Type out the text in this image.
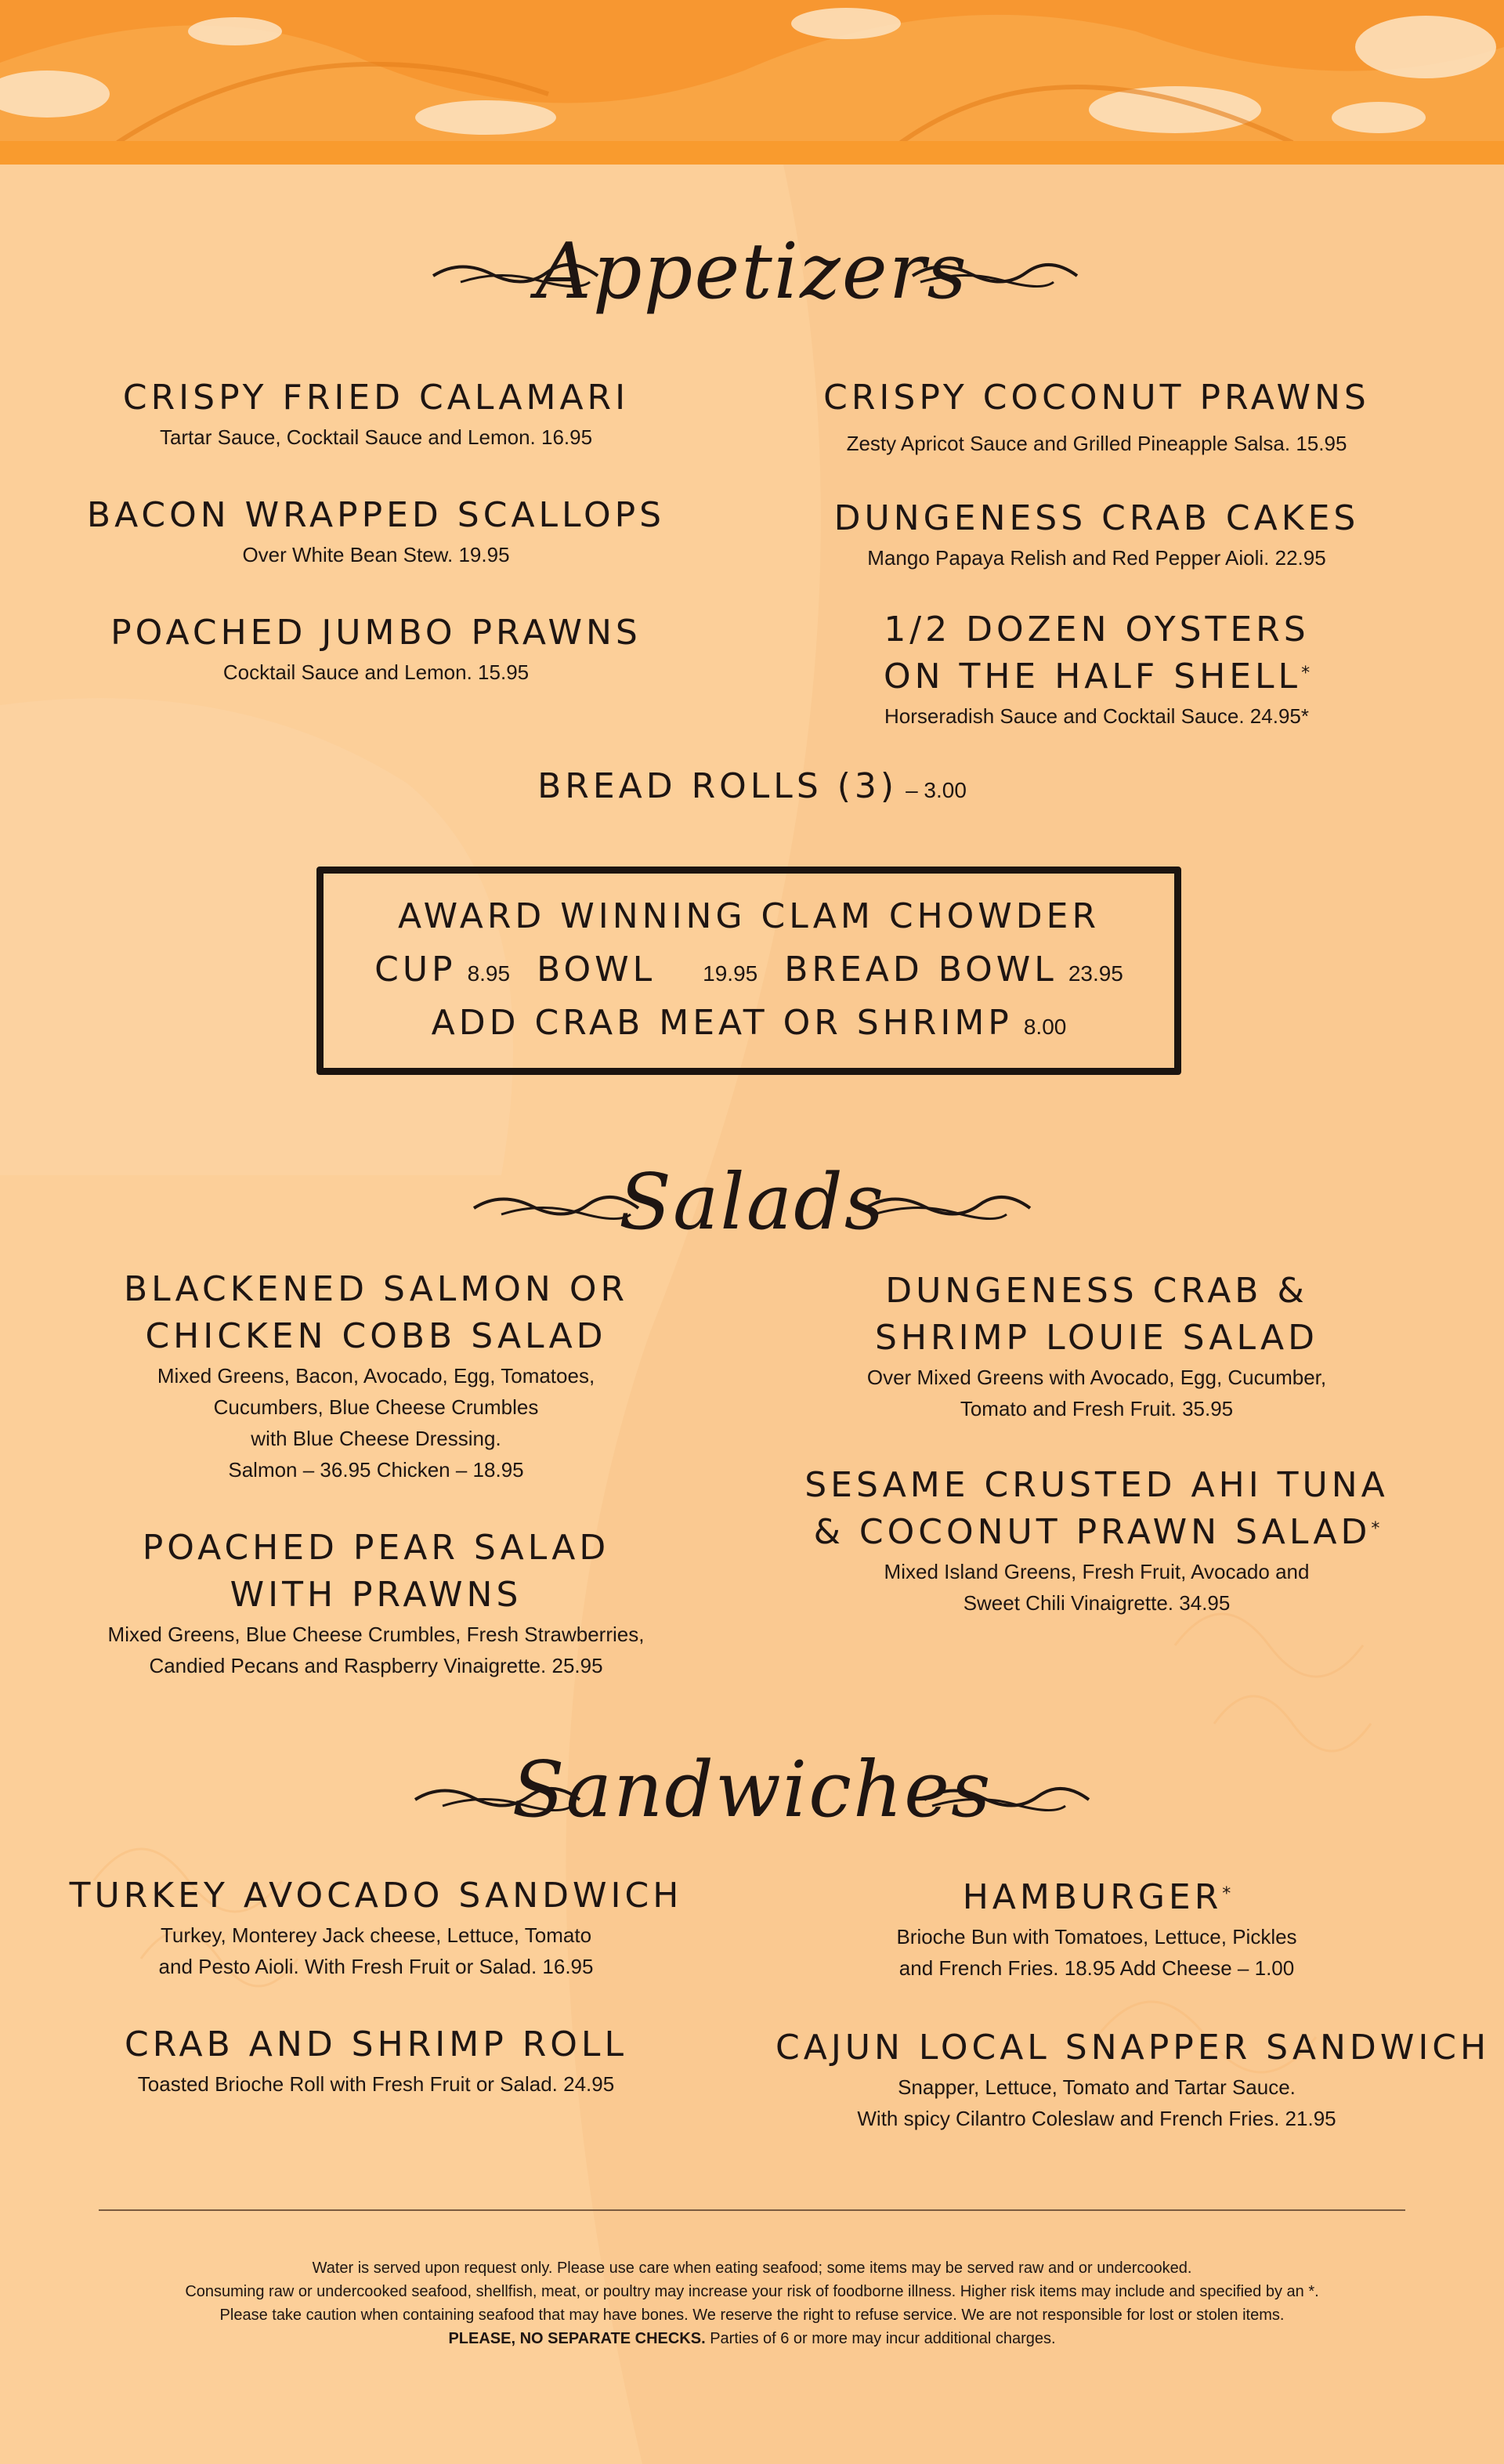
Appetizers
CRISPY FRIED CALAMARI
Tartar Sauce, Cocktail Sauce and Lemon. 16.95
CRISPY COCONUT PRAWNS
Zesty Apricot Sauce and Grilled Pineapple Salsa. 15.95
BACON WRAPPED SCALLOPS
Over White Bean Stew. 19.95
DUNGENESS CRAB CAKES
Mango Papaya Relish and Red Pepper Aioli. 22.95
POACHED JUMBO PRAWNS
Cocktail Sauce and Lemon. 15.95
1/2 DOZEN OYSTERS
ON THE HALF SHELL*
Horseradish Sauce and Cocktail Sauce. 24.95*
BREAD ROLLS (3) – 3.00
AWARD WINNING CLAM CHOWDER
CUP 8.95 BOWL 19.95 BREAD BOWL 23.95
ADD CRAB MEAT OR SHRIMP 8.00
Salads
BLACKENED SALMON OR
CHICKEN COBB SALAD
Mixed Greens, Bacon, Avocado, Egg, Tomatoes,
Cucumbers, Blue Cheese Crumbles
with Blue Cheese Dressing.
Salmon – 36.95 Chicken – 18.95
DUNGENESS CRAB &
SHRIMP LOUIE SALAD
Over Mixed Greens with Avocado, Egg, Cucumber,
Tomato and Fresh Fruit. 35.95
POACHED PEAR SALAD
WITH PRAWNS
Mixed Greens, Blue Cheese Crumbles, Fresh Strawberries,
Candied Pecans and Raspberry Vinaigrette. 25.95
SESAME CRUSTED AHI TUNA
& COCONUT PRAWN SALAD*
Mixed Island Greens, Fresh Fruit, Avocado and
Sweet Chili Vinaigrette. 34.95
Sandwiches
TURKEY AVOCADO SANDWICH
Turkey, Monterey Jack cheese, Lettuce, Tomato
and Pesto Aioli. With Fresh Fruit or Salad. 16.95
HAMBURGER*
Brioche Bun with Tomatoes, Lettuce, Pickles
and French Fries. 18.95 Add Cheese – 1.00
CRAB AND SHRIMP ROLL
Toasted Brioche Roll with Fresh Fruit or Salad. 24.95
CAJUN LOCAL SNAPPER SANDWICH
Snapper, Lettuce, Tomato and Tartar Sauce.
With spicy Cilantro Coleslaw and French Fries. 21.95
Water is served upon request only. Please use care when eating seafood; some items may be served raw and or undercooked.
Consuming raw or undercooked seafood, shellfish, meat, or poultry may increase your risk of foodborne illness. Higher risk items may include and specified by an *.
Please take caution when containing seafood that may have bones. We reserve the right to refuse service. We are not responsible for lost or stolen items.
PLEASE, NO SEPARATE CHECKS. Parties of 6 or more may incur additional charges.
